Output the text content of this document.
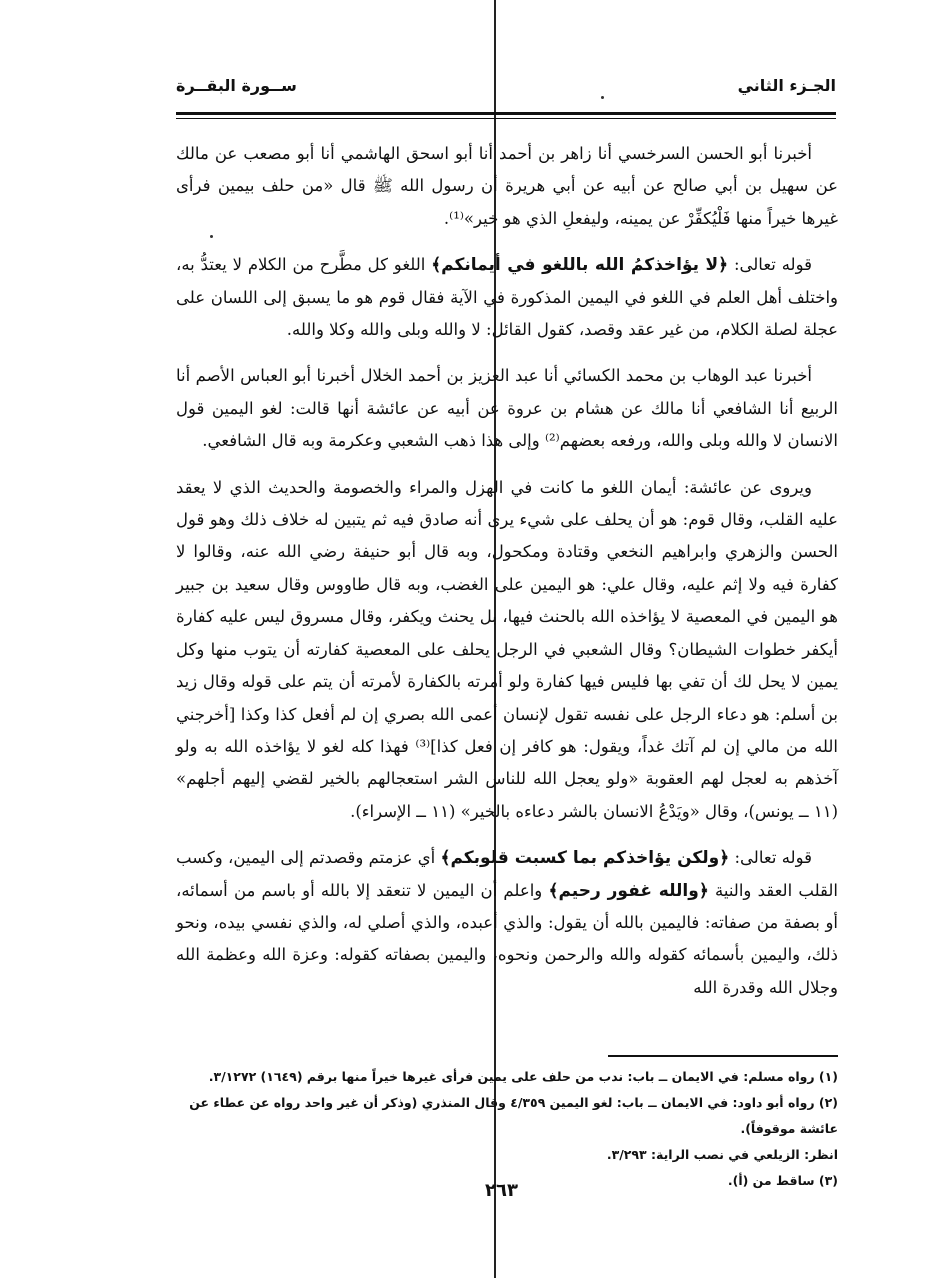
الجـزء الثاني
ســورة البقــرة

أخبرنا أبو الحسن السرخسي أنا زاهر بن أحمد أنا أبو اسحق الهاشمي أنا أبو مصعب عن مالك عن سهيل بن أبي صالح عن أبيه عن أبي هريرة أن رسول الله ﷺ قال «من حلف بيمين فرأى غيرها خيراً منها فَلْيُكفِّرْ عن يمينه، وليفعلِ الذي هو خير»⁽¹⁾.

قوله تعالى: ﴿لا يؤاخذكمُ الله باللغو في أيمانكم﴾ اللغو كل مطَّرح من الكلام لا يعتدُّ به، واختلف أهل العلم في اللغو في اليمين المذكورة في الآية فقال قوم هو ما يسبق إلى اللسان على عجلة لصلة الكلام، من غير عقد وقصد، كقول القائل: لا والله وبلى والله وكلا والله.

أخبرنا عبد الوهاب بن محمد الكسائي أنا عبد العزيز بن أحمد الخلال أخبرنا أبو العباس الأصم أنا الربيع أنا الشافعي أنا مالك عن هشام بن عروة عن أبيه عن عائشة أنها قالت: لغو اليمين قول الانسان لا والله وبلى والله، ورفعه بعضهم⁽²⁾ وإلى هذا ذهب الشعبي وعكرمة وبه قال الشافعي.

ويروى عن عائشة: أيمان اللغو ما كانت في الهزل والمراء والخصومة والحديث الذي لا يعقد عليه القلب، وقال قوم: هو أن يحلف على شيء يرى أنه صادق فيه ثم يتبين له خلاف ذلك وهو قول الحسن والزهري وابراهيم النخعي وقتادة ومكحول، وبه قال أبو حنيفة رضي الله عنه، وقالوا لا كفارة فيه ولا إثم عليه، وقال علي: هو اليمين على الغضب، وبه قال طاووس وقال سعيد بن جبير هو اليمين في المعصية لا يؤاخذه الله بالحنث فيها، بل يحنث ويكفر، وقال مسروق ليس عليه كفارة أيكفر خطوات الشيطان؟ وقال الشعبي في الرجل يحلف على المعصية كفارته أن يتوب منها وكل يمين لا يحل لك أن تفي بها فليس فيها كفارة ولو أمرته بالكفارة لأمرته أن يتم على قوله وقال زيد بن أسلم: هو دعاء الرجل على نفسه تقول لإنسان أعمى الله بصري إن لم أفعل كذا وكذا [أخرجني الله من مالي إن لم آتك غداً، ويقول: هو كافر إن فعل كذا]⁽³⁾ فهذا كله لغو لا يؤاخذه الله به ولو آخذهم به لعجل لهم العقوبة «ولو يعجل الله للناس الشر استعجالهم بالخير لقضي إليهم أجلهم» (١١ ــ يونس)، وقال «ويَدْعُ الانسان بالشر دعاءه بالخير» (١١ ــ الإسراء).

قوله تعالى: ﴿ولكن يؤاخذكم بما كسبت قلوبكم﴾ أي عزمتم وقصدتم إلى اليمين، وكسب القلب العقد والنية ﴿والله غفور رحيم﴾ واعلم أن اليمين لا تنعقد إلا بالله أو باسم من أسمائه، أو بصفة من صفاته: فاليمين بالله أن يقول: والذي أعبده، والذي أصلي له، والذي نفسي بيده، ونحو ذلك، واليمين بأسمائه كقوله والله والرحمن ونحوه، واليمين بصفاته كقوله: وعزة الله وعظمة الله وجلال الله وقدرة الله

(١) رواه مسلم: في الايمان ــ باب: ندب من حلف على يمين فرأى غيرها خيراً منها برقم (١٦٤٩) ٣/١٢٧٢.

(٢) رواه أبو داود: في الايمان ــ باب: لغو اليمين ٤/٣٥٩ وقال المنذري (وذكر أن غير واحد رواه عن عطاء عن عائشة موقوفاً).

انظر: الزيلعي في نصب الراية: ٣/٢٩٣.

(٣) ساقط من (أ).

٢٦٣
